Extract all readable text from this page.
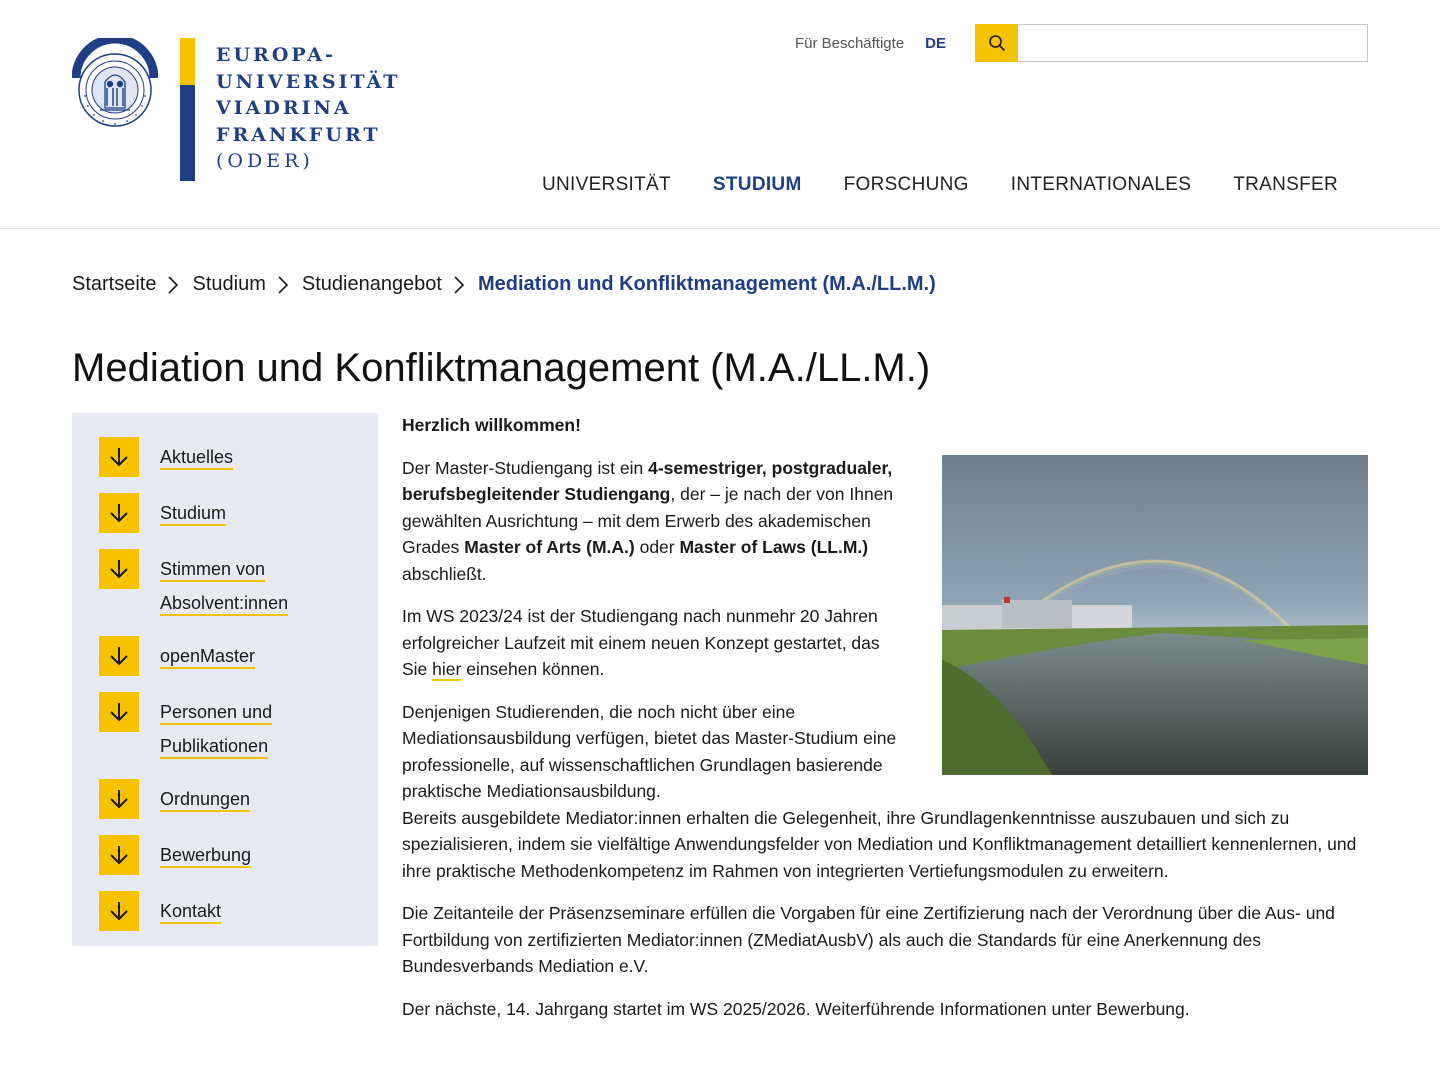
EUROPA-
UNIVERSITÄT
VIADRINA
FRANKFURT
(ODER)
Für Beschäftigte DE
UNIVERSITÄT STUDIUM FORSCHUNG INTERNATIONALES TRANSFER
Startseite Studium Studienangebot Mediation und Konfliktmanagement (M.A./LL.M.)
Mediation und Konfliktmanagement (M.A./LL.M.)
Aktuelles
Studium
Stimmen von Absolvent:innen
openMaster
Personen und Publikationen
Ordnungen
Bewerbung
Kontakt

Herzlich willkommen!

Der Master-Studiengang ist ein 4-semestriger, postgradualer, berufsbegleitender Studiengang, der – je nach der von Ihnen gewählten Ausrichtung – mit dem Erwerb des akademischen Grades Master of Arts (M.A.) oder Master of Laws (LL.M.) abschließt.

Im WS 2023/24 ist der Studiengang nach nunmehr 20 Jahren erfolgreicher Laufzeit mit einem neuen Konzept gestartet, das Sie hier einsehen können.

Denjenigen Studierenden, die noch nicht über eine Mediationsausbildung verfügen, bietet das Master-Studium eine professionelle, auf wissenschaftlichen Grundlagen basierende praktische Mediationsausbildung.
Bereits ausgebildete Mediator:innen erhalten die Gelegenheit, ihre Grundlagenkenntnisse auszubauen und sich zu spezialisieren, indem sie vielfältige Anwendungsfelder von Mediation und Konfliktmanagement detailliert kennenlernen, und ihre praktische Methodenkompetenz im Rahmen von integrierten Vertiefungsmodulen zu erweitern.

Die Zeitanteile der Präsenzseminare erfüllen die Vorgaben für eine Zertifizierung nach der Verordnung über die Aus- und Fortbildung von zertifizierten Mediator:innen (ZMediatAusbV) als auch die Standards für eine Anerkennung des Bundesverbands Mediation e.V.

Der nächste, 14. Jahrgang startet im WS 2025/2026. Weiterführende Informationen unter Bewerbung.
